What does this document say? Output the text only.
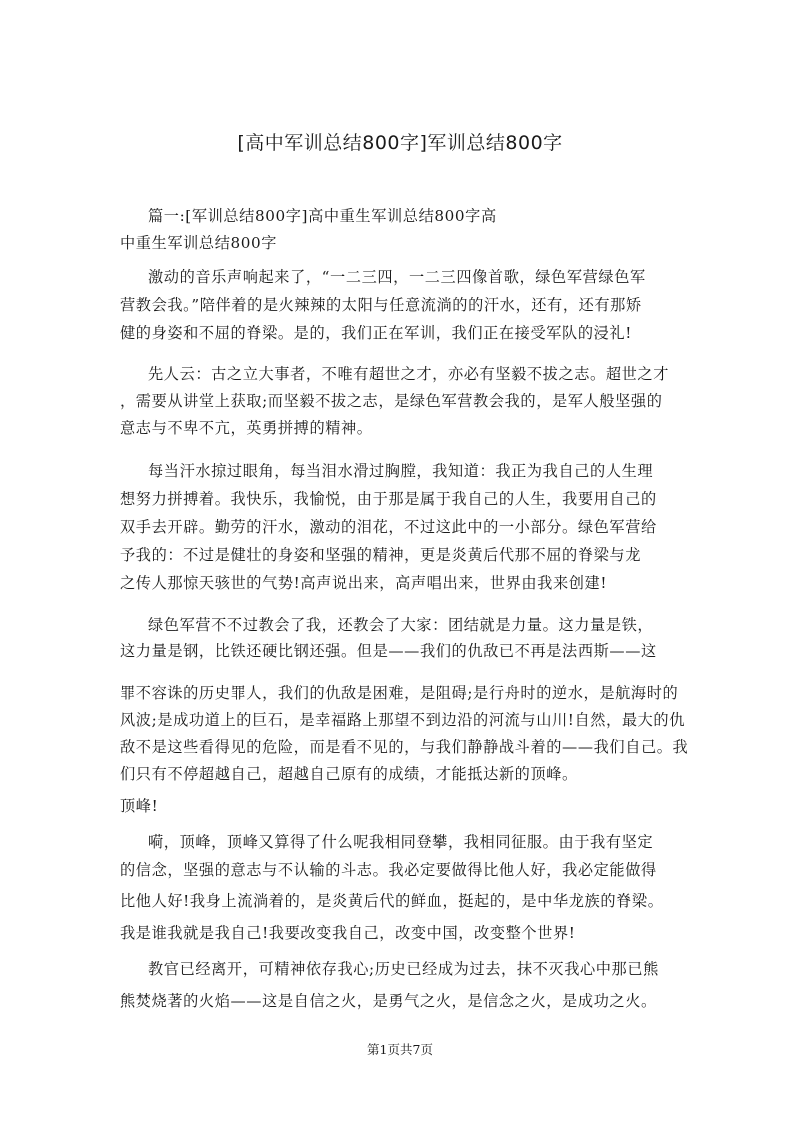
[高中军训总结800字]军训总结800字
篇一:[军训总结800字]高中重生军训总结800字高
中重生军训总结800字
激动的音乐声响起来了，“一二三四，一二三四像首歌，绿色军营绿色军
营教会我。”陪伴着的是火辣辣的太阳与任意流淌的的汗水，还有，还有那矫
健的身姿和不屈的脊梁。是的，我们正在军训，我们正在接受军队的浸礼!
先人云：古之立大事者，不唯有超世之才，亦必有坚毅不拔之志。超世之才
，需要从讲堂上获取;而坚毅不拔之志，是绿色军营教会我的，是军人般坚强的
意志与不卑不亢，英勇拼搏的精神。
每当汗水掠过眼角，每当泪水滑过胸膛，我知道：我正为我自己的人生理
想努力拼搏着。我快乐，我愉悦，由于那是属于我自己的人生，我要用自己的
双手去开辟。勤劳的汗水，激动的泪花，不过这此中的一小部分。绿色军营给
予我的：不过是健壮的身姿和坚强的精神，更是炎黄后代那不屈的脊梁与龙
之传人那惊天骇世的气势!高声说出来，高声唱出来，世界由我来创建!
绿色军营不不过教会了我，还教会了大家：团结就是力量。这力量是铁，
这力量是钢，比铁还硬比钢还强。但是——我们的仇敌已不再是法西斯——这
罪不容诛的历史罪人，我们的仇敌是困难，是阻碍;是行舟时的逆水，是航海时的
风波;是成功道上的巨石，是幸福路上那望不到边沿的河流与山川!自然，最大的仇
敌不是这些看得见的危险，而是看不见的，与我们静静战斗着的——我们自己。我
们只有不停超越自己，超越自己原有的成绩，才能抵达新的顶峰。
顶峰!
嗬，顶峰，顶峰又算得了什么呢我相同登攀，我相同征服。由于我有坚定
的信念，坚强的意志与不认输的斗志。我必定要做得比他人好，我必定能做得
比他人好!我身上流淌着的，是炎黄后代的鲜血，挺起的，是中华龙族的脊梁。
我是谁我就是我自己!我要改变我自己，改变中国，改变整个世界!
教官已经离开，可精神依存我心;历史已经成为过去，抹不灭我心中那已熊
熊焚烧著的火焰——这是自信之火，是勇气之火，是信念之火，是成功之火。
第1页共7页
